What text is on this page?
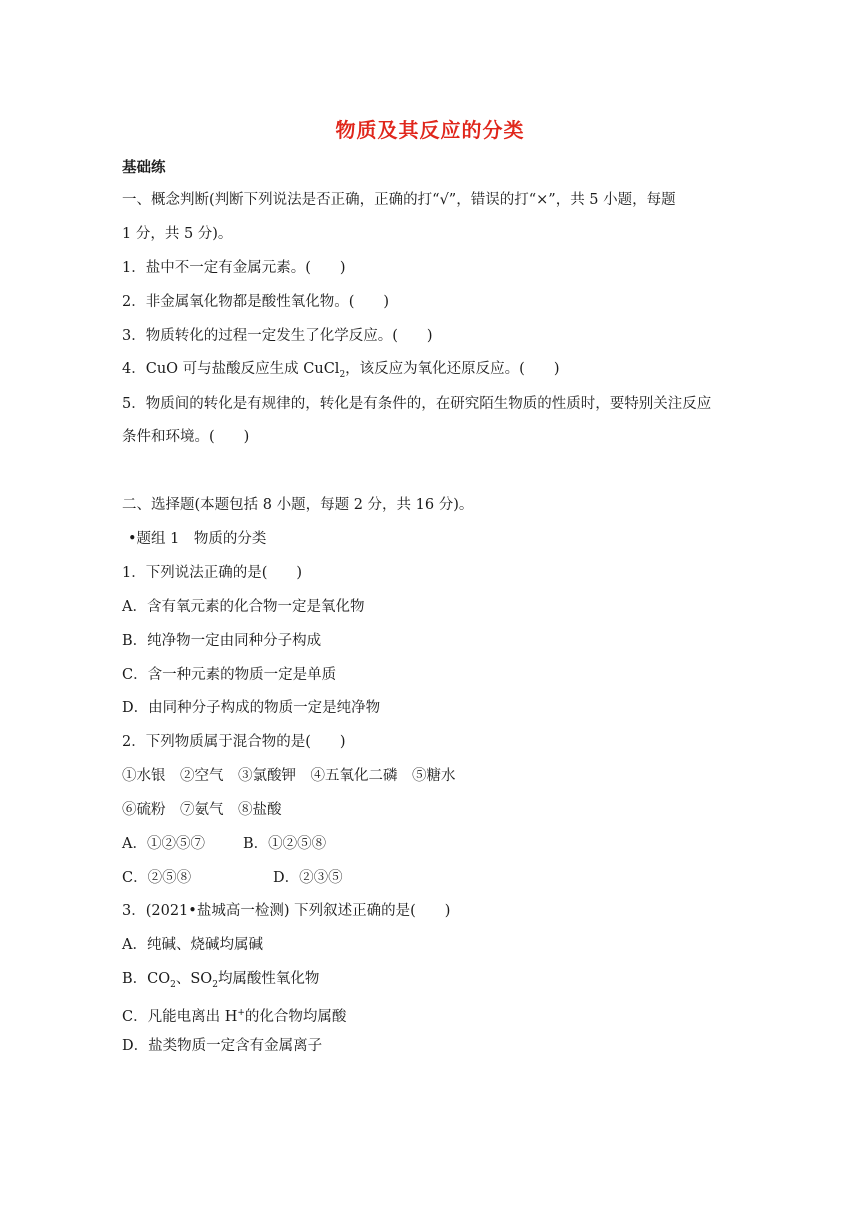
物质及其反应的分类
基础练
一、概念判断(判断下列说法是否正确，正确的打“√”，错误的打“×”，共 5 小题，每题
1 分，共 5 分)。
1．盐中不一定有金属元素。(　　)
2．非金属氧化物都是酸性氧化物。(　　)
3．物质转化的过程一定发生了化学反应。(　　)
4．CuO 可与盐酸反应生成 CuCl$_2$，该反应为氧化还原反应。(　　)
5．物质间的转化是有规律的，转化是有条件的，在研究陌生物质的性质时，要特别关注反应
条件和环境。(　　)
二、选择题(本题包括 8 小题，每题 2 分，共 16 分)。
•题组 1　物质的分类
1．下列说法正确的是(　　)
A．含有氧元素的化合物一定是氧化物
B．纯净物一定由同种分子构成
C．含一种元素的物质一定是单质
D．由同种分子构成的物质一定是纯净物
2．下列物质属于混合物的是(　　)
①水银　②空气　③氯酸钾　④五氧化二磷　⑤糖水
⑥硫粉　⑦氨气　⑧盐酸
A．①②⑤⑦	B．①②⑤⑧
C．②⑤⑧	D．②③⑤
3．(2021•盐城高一检测) 下列叙述正确的是(　　)
A．纯碱、烧碱均属碱
B．$CO_2$、$SO_2$均属酸性氧化物
C．凡能电离出 H+的化合物均属酸
D．盐类物质一定含有金属离子
